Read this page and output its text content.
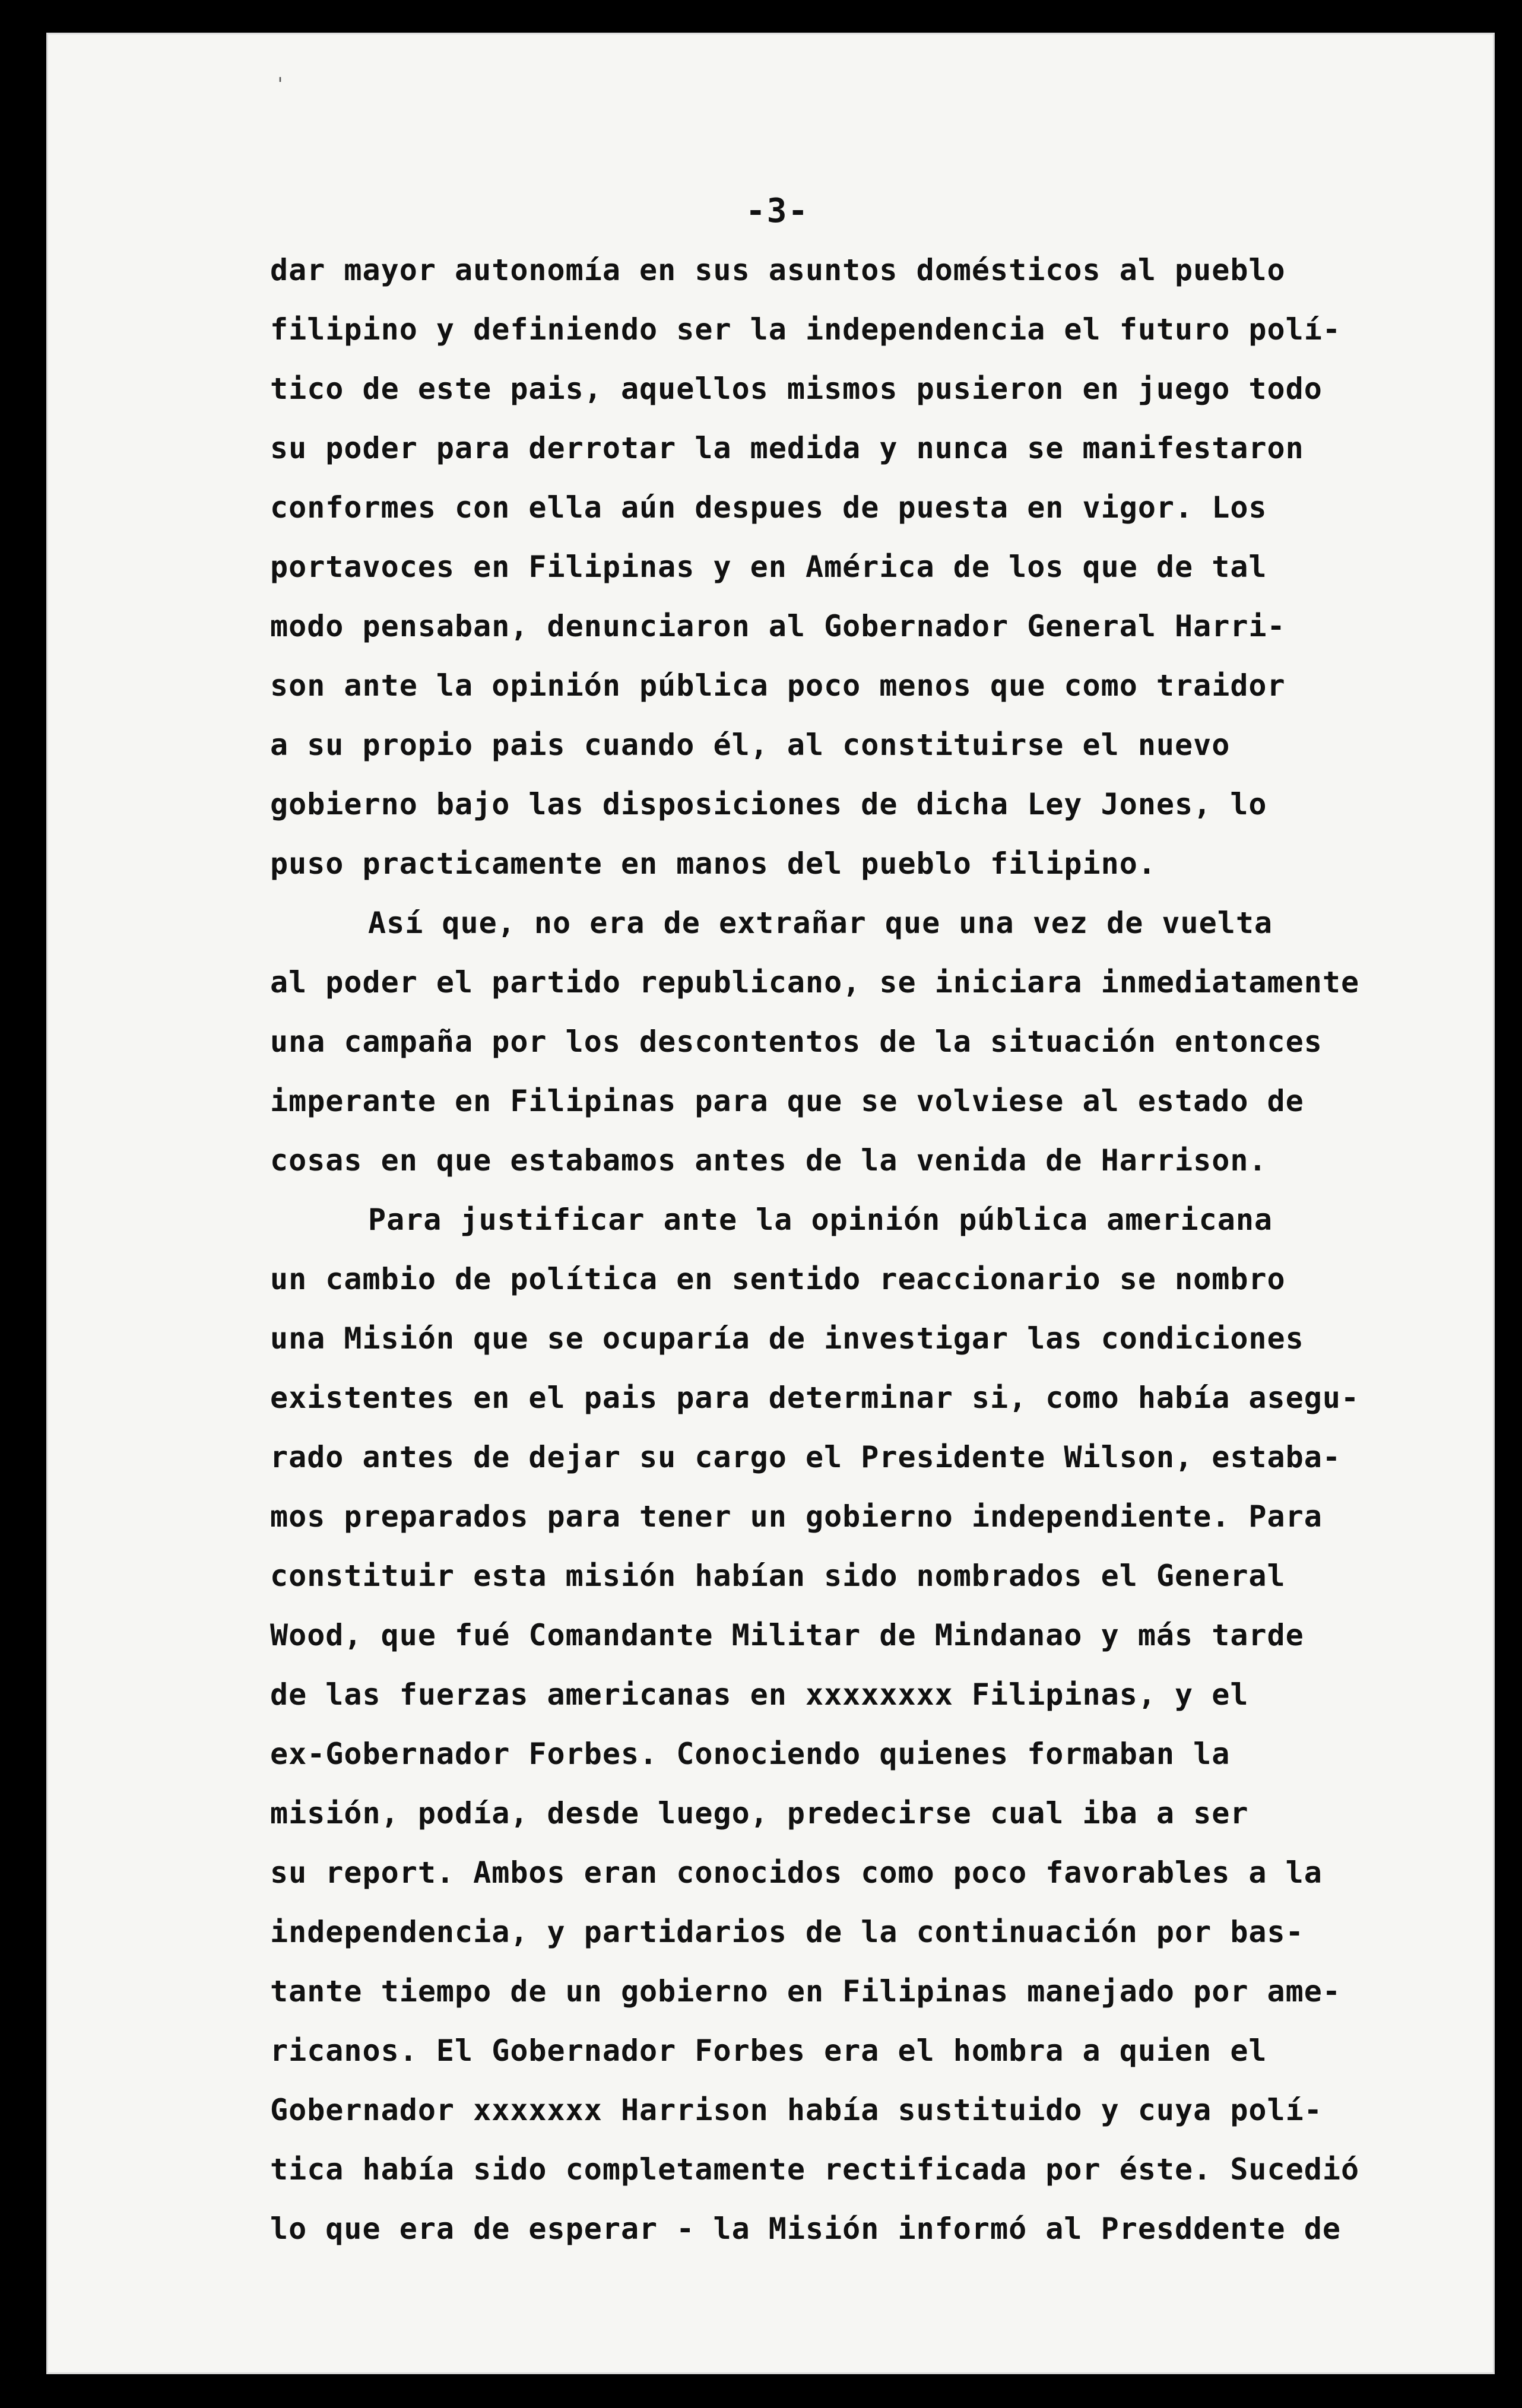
'
-3-

dar mayor autonomía en sus asuntos domésticos al pueblo
filipino y definiendo ser la independencia el futuro polí-
tico de este pais, aquellos mismos pusieron en juego todo
su poder para derrotar la medida y nunca se manifestaron
conformes con ella aún despues de puesta en vigor. Los
portavoces en Filipinas y en América de los que de tal
modo pensaban, denunciaron al Gobernador General Harri-
son ante la opinión pública poco menos que como traidor
a su propio pais cuando él, al constituirse el nuevo
gobierno bajo las disposiciones de dicha Ley Jones, lo
puso practicamente en manos del pueblo filipino.

Así que, no era de extrañar que una vez de vuelta
al poder el partido republicano, se iniciara inmediatamente
una campaña por los descontentos de la situación entonces
imperante en Filipinas para que se volviese al estado de
cosas en que estabamos antes de la venida de Harrison.

Para justificar ante la opinión pública americana
un cambio de política en sentido reaccionario se nombro
una Misión que se ocuparía de investigar las condiciones
existentes en el pais para determinar si, como había asegu-
rado antes de dejar su cargo el Presidente Wilson, estaba-
mos preparados para tener un gobierno independiente. Para
constituir esta misión habían sido nombrados el General
Wood, que fué Comandante Militar de Mindanao y más tarde
de las fuerzas americanas en xxxxxxxx Filipinas, y el
ex-Gobernador Forbes. Conociendo quienes formaban la
misión, podía, desde luego, predecirse cual iba a ser
su report. Ambos eran conocidos como poco favorables a la
independencia, y partidarios de la continuación por bas-
tante tiempo de un gobierno en Filipinas manejado por ame-
ricanos. El Gobernador Forbes era el hombra a quien el
Gobernador xxxxxxx Harrison había sustituido y cuya polí-
tica había sido completamente rectificada por éste. Sucedió
lo que era de esperar - la Misión informó al Presddente de
